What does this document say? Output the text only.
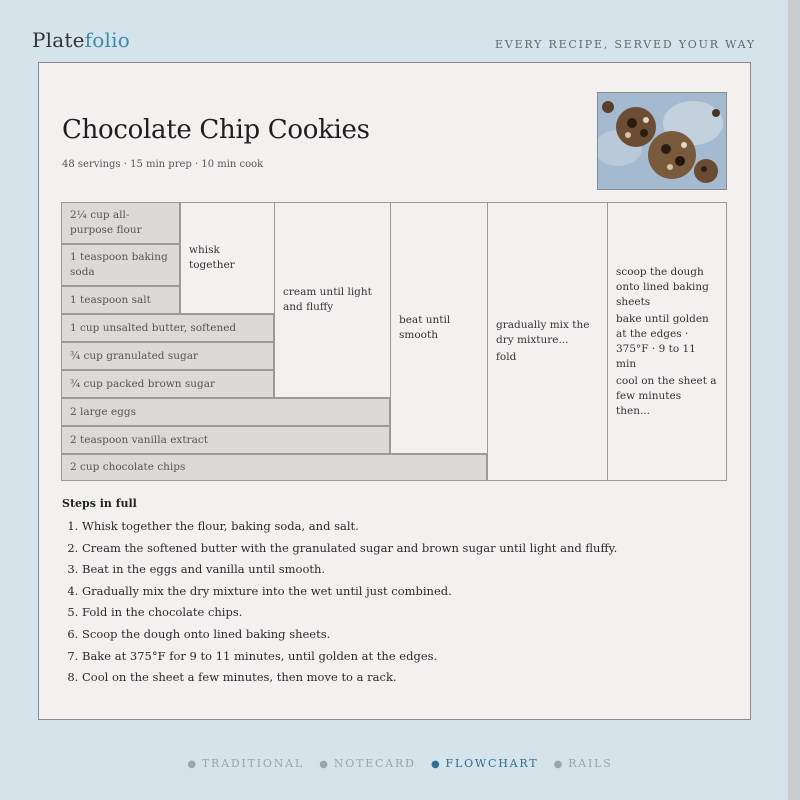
Platefolio	EVERY RECIPE, SERVED YOUR WAY
Chocolate Chip Cookies
48 servings · 15 min prep · 10 min cook
2¼ cup all-purpose flour
1 teaspoon baking soda
1 teaspoon salt
1 cup unsalted butter, softened
¾ cup granulated sugar
¾ cup packed brown sugar
2 large eggs
2 teaspoon vanilla extract
2 cup chocolate chips
whisk together
cream until light and fluffy
beat until smooth
gradually mix the dry mixture...
fold
scoop the dough onto lined baking sheets
bake until golden at the edges · 375°F · 9 to 11 min
cool on the sheet a few minutes then...
Steps in full
1. Whisk together the flour, baking soda, and salt.
2. Cream the softened butter with the granulated sugar and brown sugar until light and fluffy.
3. Beat in the eggs and vanilla until smooth.
4. Gradually mix the dry mixture into the wet until just combined.
5. Fold in the chocolate chips.
6. Scoop the dough onto lined baking sheets.
7. Bake at 375°F for 9 to 11 minutes, until golden at the edges.
8. Cool on the sheet a few minutes, then move to a rack.
● TRADITIONAL ● NOTECARD ● FLOWCHART ● RAILS
